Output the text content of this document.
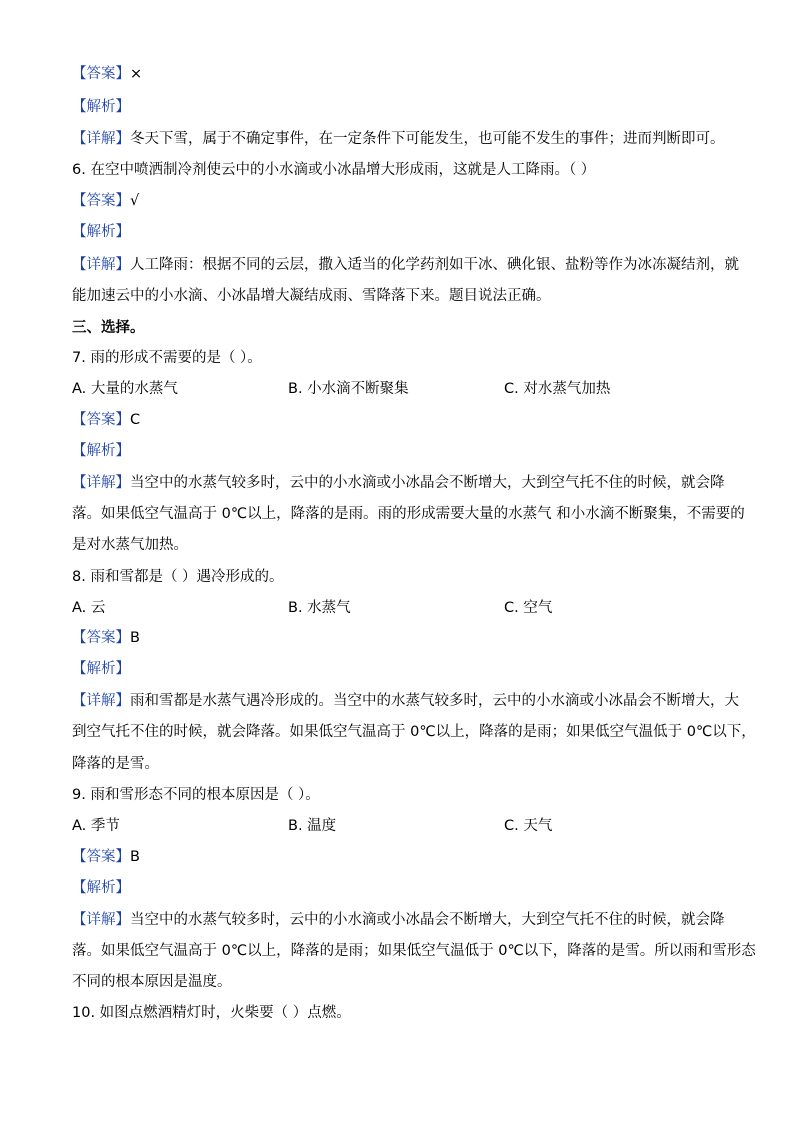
【答案】×
【解析】
【详解】冬天下雪，属于不确定事件，在一定条件下可能发生，也可能不发生的事件；进而判断即可。
6. 在空中喷洒制冷剂使云中的小水滴或小冰晶增大形成雨，这就是人工降雨。（ ）
【答案】√
【解析】
【详解】人工降雨：根据不同的云层，撒入适当的化学药剂如干冰、碘化银、盐粉等作为冰冻凝结剂，就
能加速云中的小水滴、小冰晶增大凝结成雨、雪降落下来。题目说法正确。
三、选择。
7. 雨的形成不需要的是（ ）。
A. 大量的水蒸气	B. 小水滴不断聚集	C. 对水蒸气加热
【答案】C
【解析】
【详解】当空中的水蒸气较多时，云中的小水滴或小冰晶会不断增大，大到空气托不住的时候，就会降
落。如果低空气温高于 0℃以上，降落的是雨。雨的形成需要大量的水蒸气 和小水滴不断聚集，不需要的
是对水蒸气加热。
8. 雨和雪都是（ ）遇冷形成的。
A. 云	B. 水蒸气	C. 空气
【答案】B
【解析】
【详解】雨和雪都是水蒸气遇冷形成的。当空中的水蒸气较多时，云中的小水滴或小冰晶会不断增大，大
到空气托不住的时候，就会降落。如果低空气温高于 0℃以上，降落的是雨；如果低空气温低于 0℃以下，
降落的是雪。
9. 雨和雪形态不同的根本原因是（ ）。
A. 季节	B. 温度	C. 天气
【答案】B
【解析】
【详解】当空中的水蒸气较多时，云中的小水滴或小冰晶会不断增大，大到空气托不住的时候，就会降
落。如果低空气温高于 0℃以上，降落的是雨；如果低空气温低于 0℃以下，降落的是雪。所以雨和雪形态
不同的根本原因是温度。
10. 如图点燃酒精灯时，火柴要（ ）点燃。
